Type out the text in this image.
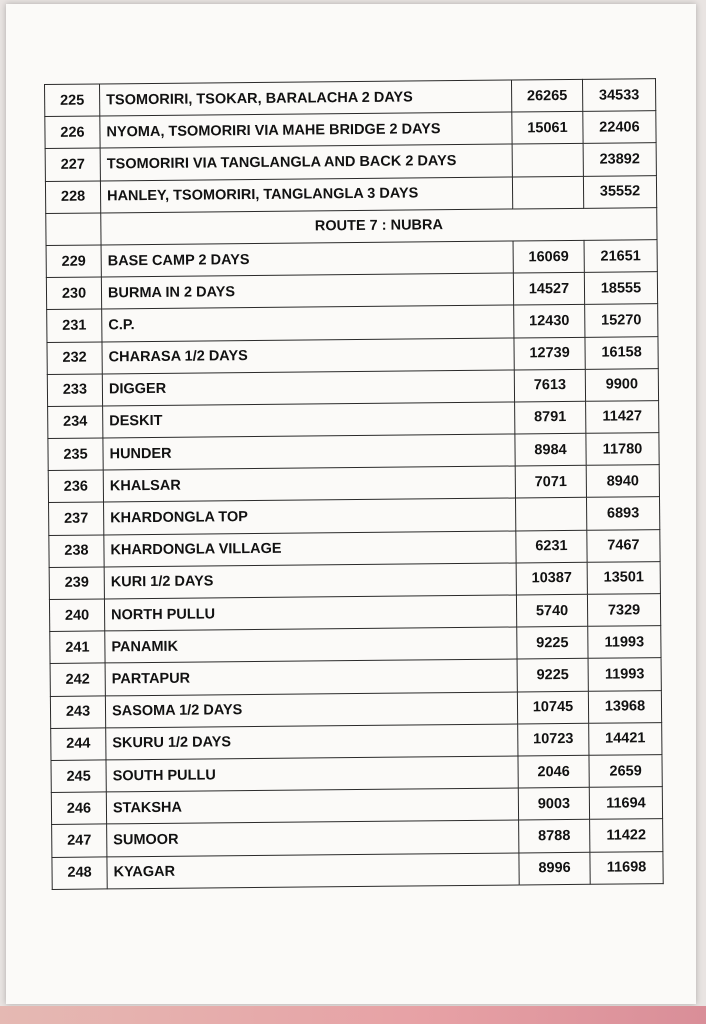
225	TSOMORIRI, TSOKAR, BARALACHA 2 DAYS	26265	34533
226	NYOMA, TSOMORIRI VIA MAHE BRIDGE 2 DAYS	15061	22406
227	TSOMORIRI VIA TANGLANGLA AND BACK 2 DAYS		23892
228	HANLEY, TSOMORIRI, TANGLANGLA 3 DAYS		35552
	ROUTE 7 : NUBRA		
229	BASE CAMP 2 DAYS	16069	21651
230	BURMA IN 2 DAYS	14527	18555
231	C.P.	12430	15270
232	CHARASA 1/2 DAYS	12739	16158
233	DIGGER	7613	9900
234	DESKIT	8791	11427
235	HUNDER	8984	11780
236	KHALSAR	7071	8940
237	KHARDONGLA TOP		6893
238	KHARDONGLA VILLAGE	6231	7467
239	KURI 1/2 DAYS	10387	13501
240	NORTH PULLU	5740	7329
241	PANAMIK	9225	11993
242	PARTAPUR	9225	11993
243	SASOMA 1/2 DAYS	10745	13968
244	SKURU 1/2 DAYS	10723	14421
245	SOUTH PULLU	2046	2659
246	STAKSHA	9003	11694
247	SUMOOR	8788	11422
248	KYAGAR	8996	11698
